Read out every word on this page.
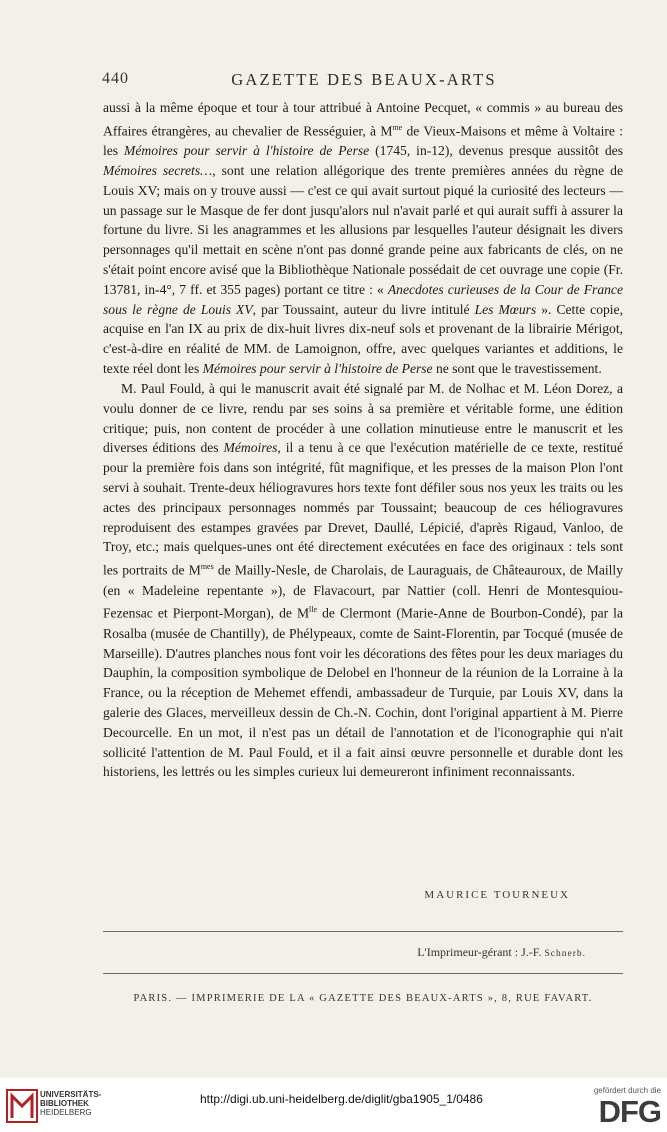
440	GAZETTE DES BEAUX-ARTS

aussi à la même époque et tour à tour attribué à Antoine Pecquet, « commis » au bureau des Affaires étrangères, au chevalier de Rességuier, à $M^{me}$ de Vieux-Maisons et même à Voltaire : les Mémoires pour servir à l'histoire de Perse (1745, in-12), devenus presque aussitôt des Mémoires secrets…, sont une relation allégorique des trente premières années du règne de Louis XV; mais on y trouve aussi — c'est ce qui avait surtout piqué la curiosité des lecteurs — un passage sur le Masque de fer dont jusqu'alors nul n'avait parlé et qui aurait suffi à assurer la fortune du livre. Si les anagrammes et les allusions par lesquelles l'auteur désignait les divers personnages qu'il mettait en scène n'ont pas donné grande peine aux fabricants de clés, on ne s'était point encore avisé que la Bibliothèque Nationale possédait de cet ouvrage une copie (Fr. 13781, in-4°, 7 ff. et 355 pages) portant ce titre : « Anecdotes curieuses de la Cour de France sous le règne de Louis XV, par Toussaint, auteur du livre intitulé Les Mœurs ». Cette copie, acquise en l'an IX au prix de dix-huit livres dix-neuf sols et provenant de la librairie Mérigot, c'est-à-dire en réalité de MM. de Lamoignon, offre, avec quelques variantes et additions, le texte réel dont les Mémoires pour servir à l'histoire de Perse ne sont que le travestissement.

M. Paul Fould, à qui le manuscrit avait été signalé par M. de Nolhac et M. Léon Dorez, a voulu donner de ce livre, rendu par ses soins à sa première et véritable forme, une édition critique; puis, non content de procéder à une collation minutieuse entre le manuscrit et les diverses éditions des Mémoires, il a tenu à ce que l'exécution matérielle de ce texte, restitué pour la première fois dans son intégrité, fût magnifique, et les presses de la maison Plon l'ont servi à souhait. Trente-deux héliogravures hors texte font défiler sous nos yeux les traits ou les actes des principaux personnages nommés par Toussaint; beaucoup de ces héliogravures reproduisent des estampes gravées par Drevet, Daullé, Lépicié, d'après Rigaud, Vanloo, de Troy, etc.; mais quelques-unes ont été directement exécutées en face des originaux : tels sont les portraits de $M^{mes}$ de Mailly-Nesle, de Charolais, de Lauraguais, de Châteauroux, de Mailly (en « Madeleine repentante »), de Flavacourt, par Nattier (coll. Henri de Montesquiou-Fezensac et Pierpont-Morgan), de $M^{lle}$ de Clermont (Marie-Anne de Bourbon-Condé), par la Rosalba (musée de Chantilly), de Phélypeaux, comte de Saint-Florentin, par Tocqué (musée de Marseille). D'autres planches nous font voir les décorations des fêtes pour les deux mariages du Dauphin, la composition symbolique de Delobel en l'honneur de la réunion de la Lorraine à la France, ou la réception de Mehemet effendi, ambassadeur de Turquie, par Louis XV, dans la galerie des Glaces, merveilleux dessin de Ch.-N. Cochin, dont l'original appartient à M. Pierre Decourcelle. En un mot, il n'est pas un détail de l'annotation et de l'iconographie qui n'ait sollicité l'attention de M. Paul Fould, et il a fait ainsi œuvre personnelle et durable dont les historiens, les lettrés ou les simples curieux lui demeureront infiniment reconnaissants.

MAURICE TOURNEUX
L'Imprimeur-gérant : J.-F. Schnerb.
PARIS. — IMPRIMERIE DE LA « GAZETTE DES BEAUX-ARTS », 8, RUE FAVART.
UNIVERSITÄTS-
BIBLIOTHEK
HEIDELBERG
http://digi.ub.uni-heidelberg.de/diglit/gba1905_1/0486
gefördert durch die
DFG
